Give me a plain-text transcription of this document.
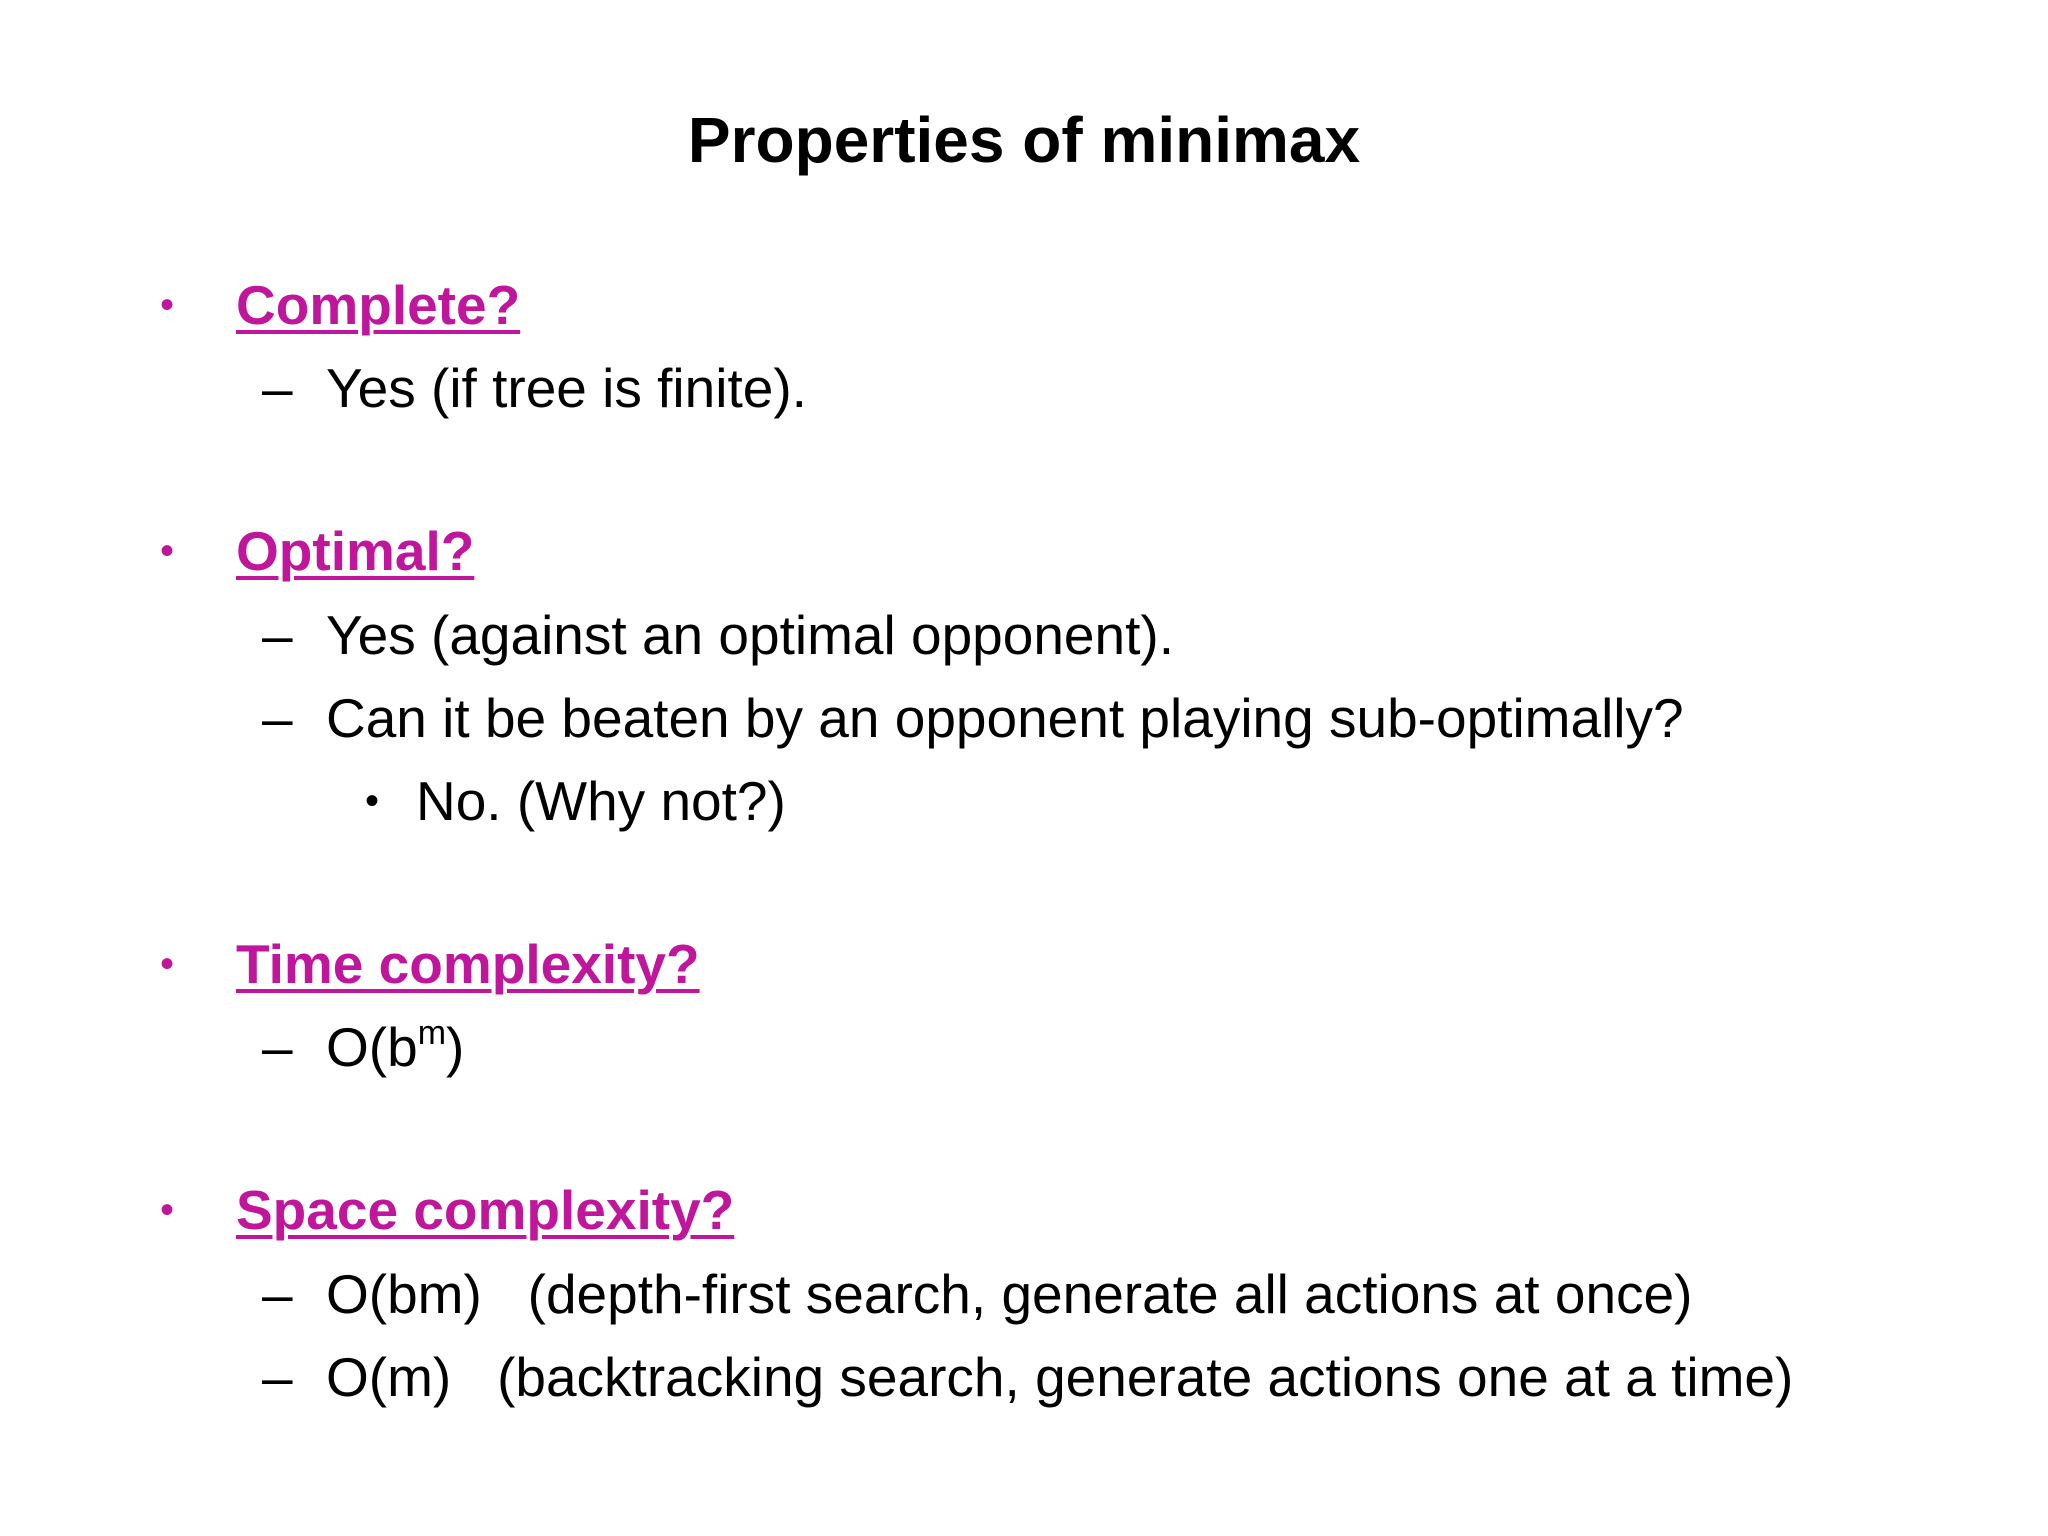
Properties of minimax
• Complete?
– Yes (if tree is finite).
• Optimal?
– Yes (against an optimal opponent).
– Can it be beaten by an opponent playing sub-optimally?
• No. (Why not?)
• Time complexity?
– $O(b^m)$
• Space complexity?
– O(bm)   (depth-first search, generate all actions at once)
– O(m)   (backtracking search, generate actions one at a time)
